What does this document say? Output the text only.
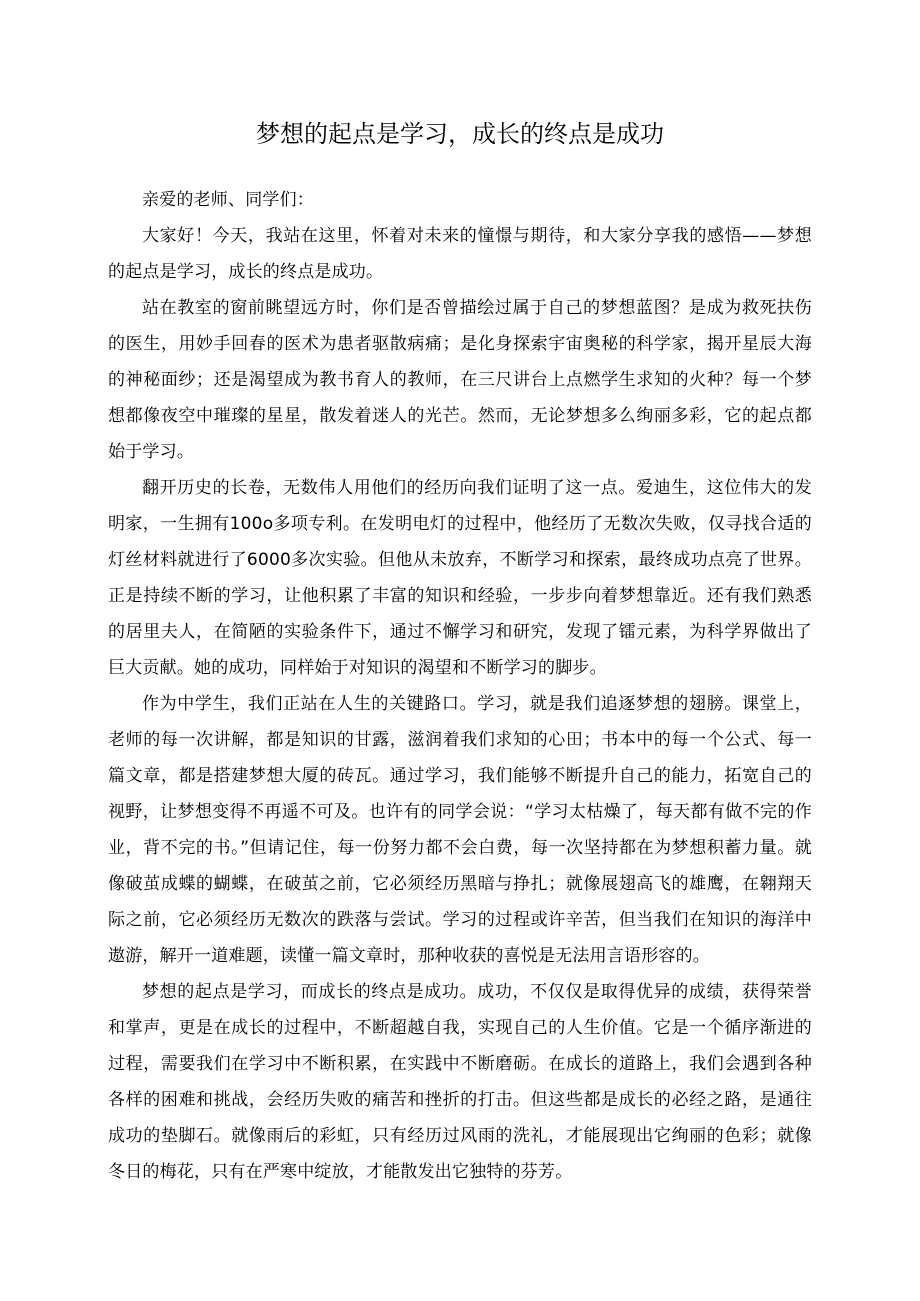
梦想的起点是学习，成长的终点是成功

亲爱的老师、同学们：

大家好！今天，我站在这里，怀着对未来的憧憬与期待，和大家分享我的感悟——梦想的起点是学习，成长的终点是成功。

站在教室的窗前眺望远方时，你们是否曾描绘过属于自己的梦想蓝图？是成为救死扶伤的医生，用妙手回春的医术为患者驱散病痛；是化身探索宇宙奥秘的科学家，揭开星辰大海的神秘面纱；还是渴望成为教书育人的教师，在三尺讲台上点燃学生求知的火种？每一个梦想都像夜空中璀璨的星星，散发着迷人的光芒。然而，无论梦想多么绚丽多彩，它的起点都始于学习。

翻开历史的长卷，无数伟人用他们的经历向我们证明了这一点。爱迪生，这位伟大的发明家，一生拥有100o多项专利。在发明电灯的过程中，他经历了无数次失败，仅寻找合适的灯丝材料就进行了6000多次实验。但他从未放弃，不断学习和探索，最终成功点亮了世界。正是持续不断的学习，让他积累了丰富的知识和经验，一步步向着梦想靠近。还有我们熟悉的居里夫人，在简陋的实验条件下，通过不懈学习和研究，发现了镭元素，为科学界做出了巨大贡献。她的成功，同样始于对知识的渴望和不断学习的脚步。

作为中学生，我们正站在人生的关键路口。学习，就是我们追逐梦想的翅膀。课堂上，老师的每一次讲解，都是知识的甘露，滋润着我们求知的心田；书本中的每一个公式、每一篇文章，都是搭建梦想大厦的砖瓦。通过学习，我们能够不断提升自己的能力，拓宽自己的视野，让梦想变得不再遥不可及。也许有的同学会说：“学习太枯燥了，每天都有做不完的作业，背不完的书。”但请记住，每一份努力都不会白费，每一次坚持都在为梦想积蓄力量。就像破茧成蝶的蝴蝶，在破茧之前，它必须经历黑暗与挣扎；就像展翅高飞的雄鹰，在翱翔天际之前，它必须经历无数次的跌落与尝试。学习的过程或许辛苦，但当我们在知识的海洋中遨游，解开一道难题，读懂一篇文章时，那种收获的喜悦是无法用言语形容的。

梦想的起点是学习，而成长的终点是成功。成功，不仅仅是取得优异的成绩，获得荣誉和掌声，更是在成长的过程中，不断超越自我，实现自己的人生价值。它是一个循序渐进的过程，需要我们在学习中不断积累，在实践中不断磨砺。在成长的道路上，我们会遇到各种各样的困难和挑战，会经历失败的痛苦和挫折的打击。但这些都是成长的必经之路，是通往成功的垫脚石。就像雨后的彩虹，只有经历过风雨的洗礼，才能展现出它绚丽的色彩；就像冬日的梅花，只有在严寒中绽放，才能散发出它独特的芬芳。
